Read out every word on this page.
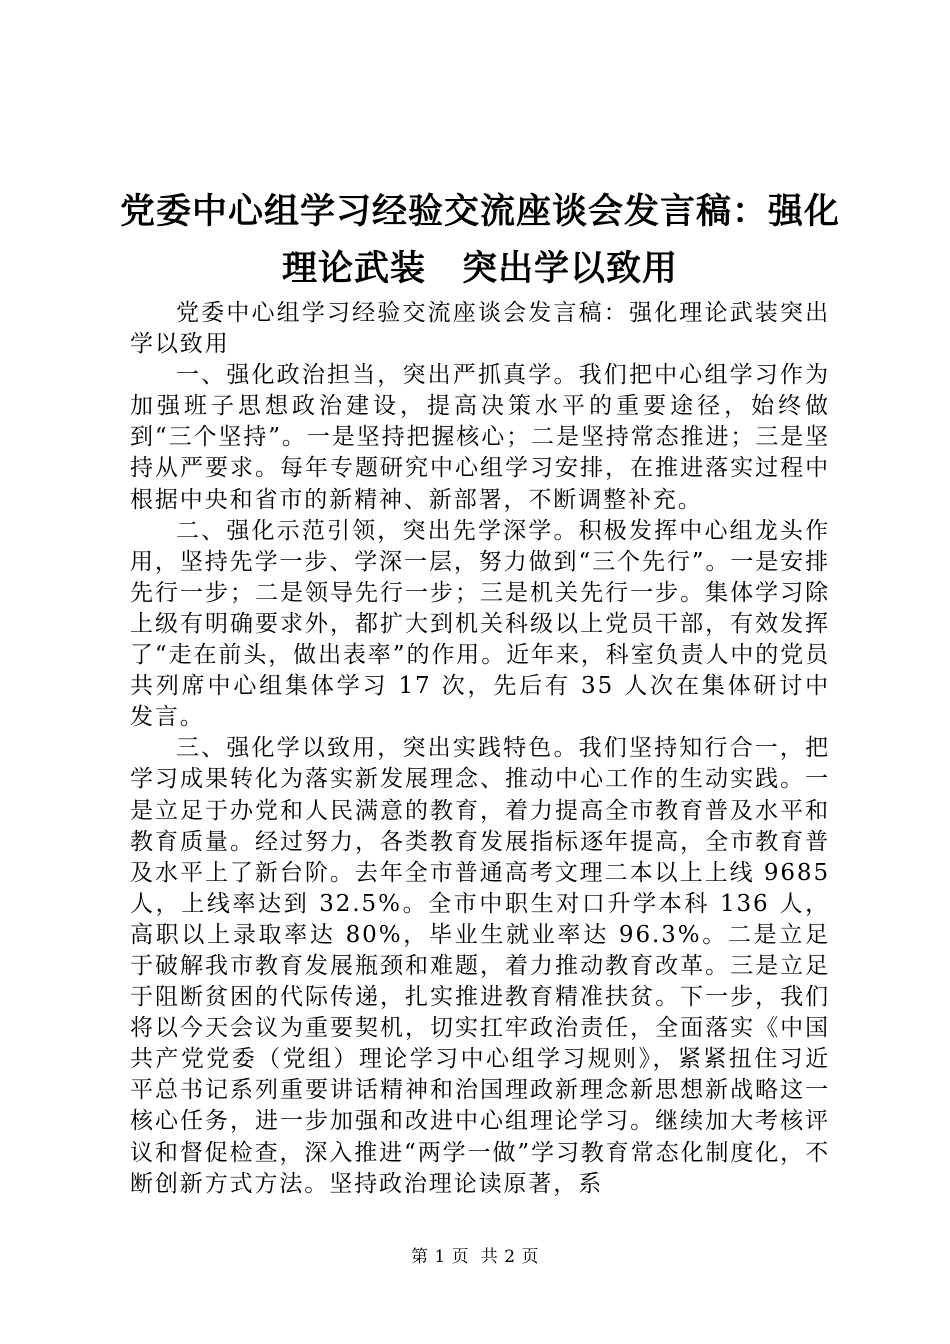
党委中心组学习经验交流座谈会发言稿：强化
理论武装　突出学以致用

党委中心组学习经验交流座谈会发言稿：强化理论武装突出学以致用

一、强化政治担当，突出严抓真学。我们把中心组学习作为加强班子思想政治建设，提高决策水平的重要途径，始终做到“三个坚持”。一是坚持把握核心；二是坚持常态推进；三是坚持从严要求。每年专题研究中心组学习安排，在推进落实过程中根据中央和省市的新精神、新部署，不断调整补充。

二、强化示范引领，突出先学深学。积极发挥中心组龙头作用，坚持先学一步、学深一层，努力做到“三个先行”。一是安排先行一步；二是领导先行一步；三是机关先行一步。集体学习除上级有明确要求外，都扩大到机关科级以上党员干部，有效发挥了“走在前头，做出表率”的作用。近年来，科室负责人中的党员共列席中心组集体学习 17 次，先后有 35 人次在集体研讨中发言。

三、强化学以致用，突出实践特色。我们坚持知行合一，把学习成果转化为落实新发展理念、推动中心工作的生动实践。一是立足于办党和人民满意的教育，着力提高全市教育普及水平和教育质量。经过努力，各类教育发展指标逐年提高，全市教育普及水平上了新台阶。去年全市普通高考文理二本以上上线 9685 人，上线率达到 32.5%。全市中职生对口升学本科 136 人，高职以上录取率达 80%，毕业生就业率达 96.3%。二是立足于破解我市教育发展瓶颈和难题，着力推动教育改革。三是立足于阻断贫困的代际传递，扎实推进教育精准扶贫。下一步，我们将以今天会议为重要契机，切实扛牢政治责任，全面落实《中国共产党党委（党组）理论学习中心组学习规则》，紧紧扭住习近平总书记系列重要讲话精神和治国理政新理念新思想新战略这一核心任务，进一步加强和改进中心组理论学习。继续加大考核评议和督促检查，深入推进“两学一做”学习教育常态化制度化，不断创新方式方法。坚持政治理论读原著，系

第 1 页  共 2 页
